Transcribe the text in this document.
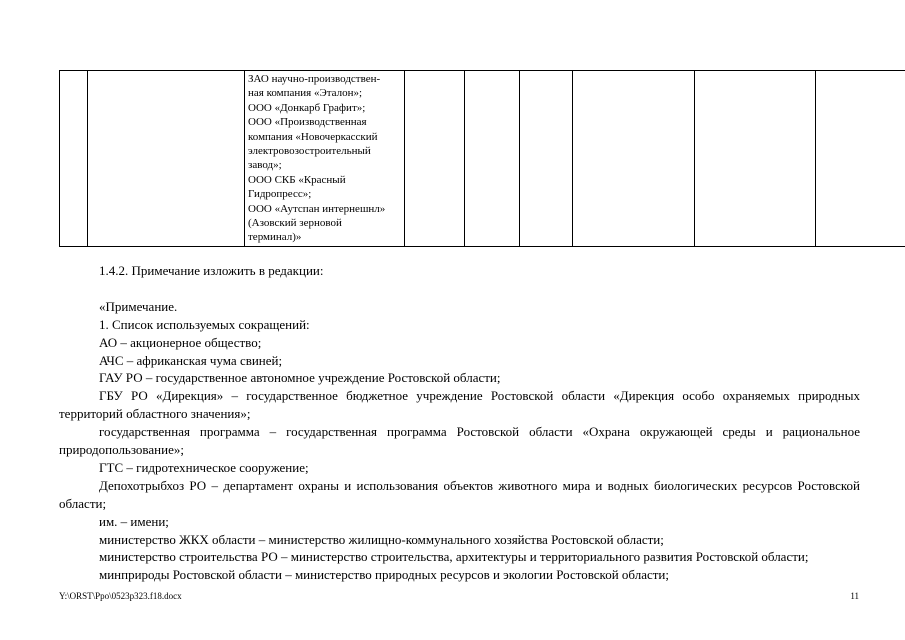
		ЗАО научно-производствен-
ная компания «Эталон»;
ООО «Донкарб Графит»;
ООО «Производственная
компания «Новочеркасский
электровозостроительный
завод»;
ООО СКБ «Красный
Гидропресс»;
ООО «Аутспан интернешнл»
(Азовский зерновой
терминал)»						

1.4.2. Примечание изложить в редакции:

«Примечание.

1. Список используемых сокращений:

АО – акционерное общество;

АЧС – африканская чума свиней;

ГАУ РО – государственное автономное учреждение Ростовской области;

ГБУ РО «Дирекция» – государственное бюджетное учреждение Ростовской области «Дирекция особо охраняемых природных территорий областного значения»;

государственная программа – государственная программа Ростовской области «Охрана окружающей среды и рациональное природопользование»;

ГТС – гидротехническое сооружение;

Депохотрыбхоз РО – департамент охраны и использования объектов животного мира и водных биологических ресурсов Ростовской области;

им. – имени;

министерство ЖКХ области – министерство жилищно-коммунального хозяйства Ростовской области;

министерство строительства РО – министерство строительства, архитектуры и территориального развития Ростовской области;

минприроды Ростовской области – министерство природных ресурсов и экологии Ростовской области;

Y:\ORST\Ppo\0523p323.f18.docx	11
